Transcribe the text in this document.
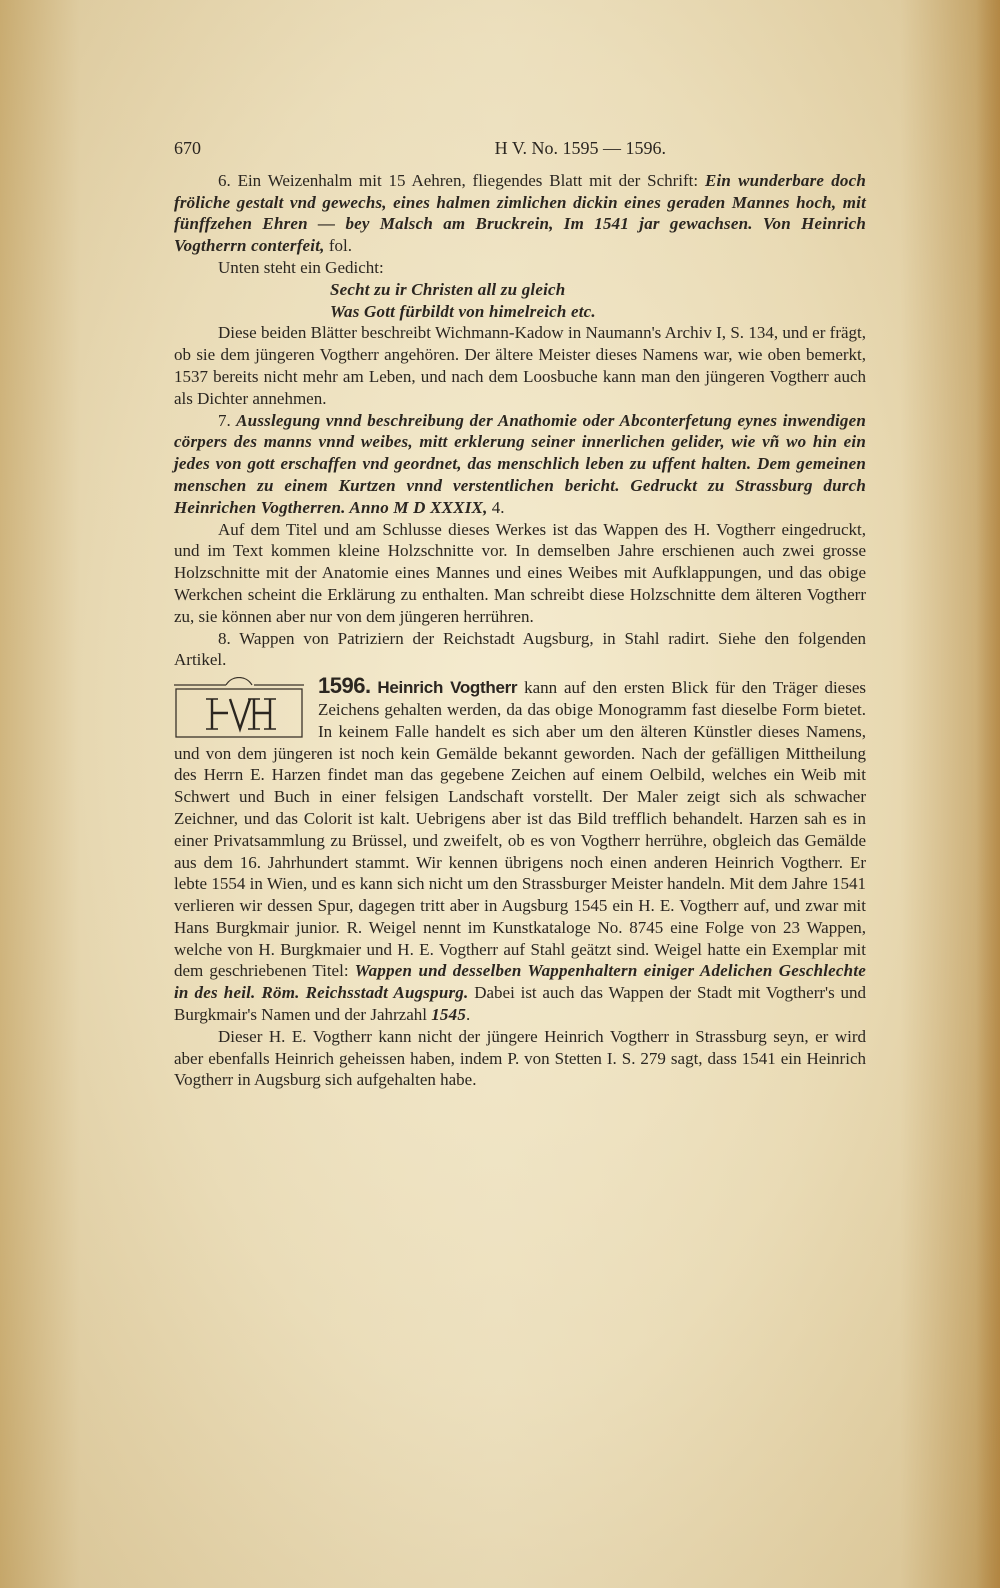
670	H V. No. 1595 — 1596.

6. Ein Weizenhalm mit 15 Aehren, fliegendes Blatt mit der Schrift: Ein wunderbare doch fröliche gestalt vnd gewechs, eines halmen zimlichen dickin eines geraden Mannes hoch, mit fünffzehen Ehren — bey Malsch am Bruckrein, Im 1541 jar gewachsen. Von Heinrich Vogtherrn conterfeit, fol.

Unten steht ein Gedicht:

Secht zu ir Christen all zu gleich

Was Gott fürbildt von himelreich etc.

Diese beiden Blätter beschreibt Wichmann-Kadow in Naumann's Archiv I, S. 134, und er frägt, ob sie dem jüngeren Vogtherr angehören. Der ältere Meister dieses Namens war, wie oben bemerkt, 1537 bereits nicht mehr am Leben, und nach dem Loosbuche kann man den jüngeren Vogtherr auch als Dichter annehmen.

7. Ausslegung vnnd beschreibung der Anathomie oder Abconterfetung eynes inwendigen cörpers des manns vnnd weibes, mitt erklerung seiner innerlichen gelider, wie vñ wo hin ein jedes von gott erschaffen vnd geordnet, das menschlich leben zu uffent halten. Dem gemeinen menschen zu einem Kurtzen vnnd verstentlichen bericht. Gedruckt zu Strassburg durch Heinrichen Vogtherren. Anno M D XXXIX, 4.

Auf dem Titel und am Schlusse dieses Werkes ist das Wappen des H. Vogtherr eingedruckt, und im Text kommen kleine Holzschnitte vor. In demselben Jahre erschienen auch zwei grosse Holzschnitte mit der Anatomie eines Mannes und eines Weibes mit Aufklappungen, und das obige Werkchen scheint die Erklärung zu enthalten. Man schreibt diese Holzschnitte dem älteren Vogtherr zu, sie können aber nur von dem jüngeren herrühren.

8. Wappen von Patriziern der Reichstadt Augsburg, in Stahl radirt. Siehe den folgenden Artikel.

1596. Heinrich Vogtherr kann auf den ersten Blick für den Träger dieses Zeichens gehalten werden, da das obige Monogramm fast dieselbe Form bietet. In keinem Falle handelt es sich aber um den älteren Künstler dieses Namens, und von dem jüngeren ist noch kein Gemälde bekannt geworden. Nach der gefälligen Mittheilung des Herrn E. Harzen findet man das gegebene Zeichen auf einem Oelbild, welches ein Weib mit Schwert und Buch in einer felsigen Landschaft vorstellt. Der Maler zeigt sich als schwacher Zeichner, und das Colorit ist kalt. Uebrigens aber ist das Bild trefflich behandelt. Harzen sah es in einer Privatsammlung zu Brüssel, und zweifelt, ob es von Vogtherr herrühre, obgleich das Gemälde aus dem 16. Jahrhundert stammt. Wir kennen übrigens noch einen anderen Heinrich Vogtherr. Er lebte 1554 in Wien, und es kann sich nicht um den Strassburger Meister handeln. Mit dem Jahre 1541 verlieren wir dessen Spur, dagegen tritt aber in Augsburg 1545 ein H. E. Vogtherr auf, und zwar mit Hans Burgkmair junior. R. Weigel nennt im Kunstkataloge No. 8745 eine Folge von 23 Wappen, welche von H. Burgkmaier und H. E. Vogtherr auf Stahl geätzt sind. Weigel hatte ein Exemplar mit dem geschriebenen Titel: Wappen und desselben Wappenhaltern einiger Adelichen Geschlechte in des heil. Röm. Reichsstadt Augspurg. Dabei ist auch das Wappen der Stadt mit Vogtherr's und Burgkmair's Namen und der Jahrzahl 1545.

Dieser H. E. Vogtherr kann nicht der jüngere Heinrich Vogtherr in Strassburg seyn, er wird aber ebenfalls Heinrich geheissen haben, indem P. von Stetten I. S. 279 sagt, dass 1541 ein Heinrich Vogtherr in Augsburg sich aufgehalten habe.
